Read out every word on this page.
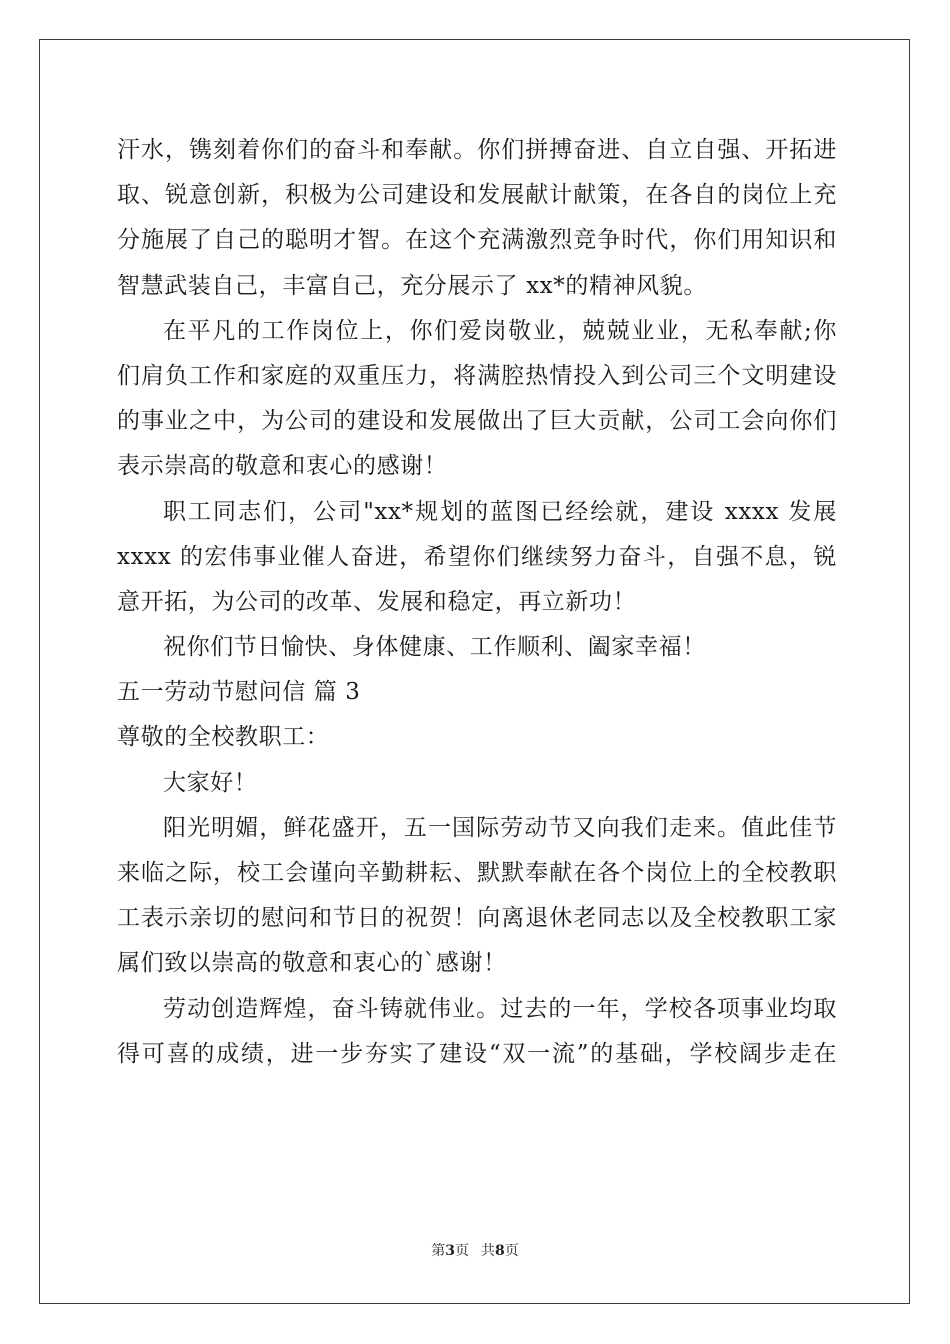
汗水，镌刻着你们的奋斗和奉献。你们拼搏奋进、自立自强、开拓进
取、锐意创新，积极为公司建设和发展献计献策，在各自的岗位上充
分施展了自己的聪明才智。在这个充满激烈竞争时代，你们用知识和
智慧武装自己，丰富自己，充分展示了 xx*的精神风貌。
在平凡的工作岗位上，你们爱岗敬业，兢兢业业，无私奉献;你
们肩负工作和家庭的双重压力，将满腔热情投入到公司三个文明建设
的事业之中，为公司的建设和发展做出了巨大贡献，公司工会向你们
表示崇高的敬意和衷心的感谢！
职工同志们，公司"xx*规划的蓝图已经绘就，建设 xxxx 发展
xxxx 的宏伟事业催人奋进，希望你们继续努力奋斗，自强不息，锐
意开拓，为公司的改革、发展和稳定，再立新功！
祝你们节日愉快、身体健康、工作顺利、阖家幸福！
五一劳动节慰问信 篇 3
尊敬的全校教职工：
大家好！
阳光明媚，鲜花盛开，五一国际劳动节又向我们走来。值此佳节
来临之际，校工会谨向辛勤耕耘、默默奉献在各个岗位上的全校教职
工表示亲切的慰问和节日的祝贺！向离退休老同志以及全校教职工家
属们致以崇高的敬意和衷心的`感谢！
劳动创造辉煌，奋斗铸就伟业。过去的一年，学校各项事业均取
得可喜的成绩，进一步夯实了建设“双一流”的基础，学校阔步走在
第3页 共8页
